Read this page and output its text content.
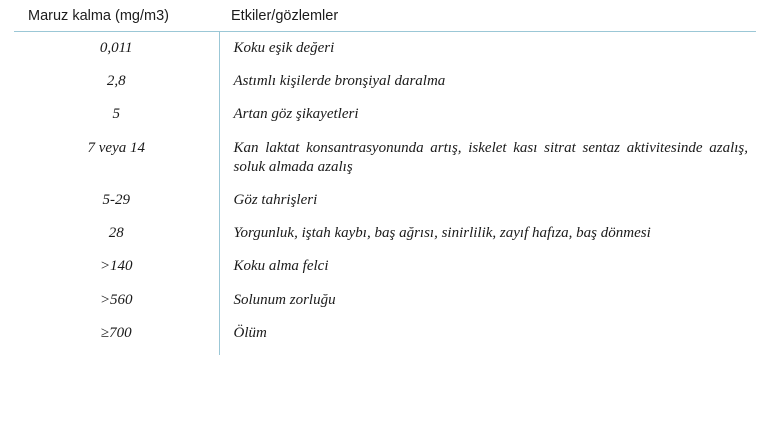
Maruz kalma (mg/m3)	Etkiler/gözlemler
0,011	Koku eşik değeri
2,8	Astımlı kişilerde bronşiyal daralma
5	Artan göz şikayetleri
7 veya 14	Kan laktat konsantrasyonunda artış, iskelet kası sitrat sentaz aktivitesinde azalış, soluk almada azalış
5-29	Göz tahrişleri
28	Yorgunluk, iştah kaybı, baş ağrısı, sinirlilik, zayıf hafıza, baş dönmesi
>140	Koku alma felci
>560	Solunum zorluğu
≥700	Ölüm
